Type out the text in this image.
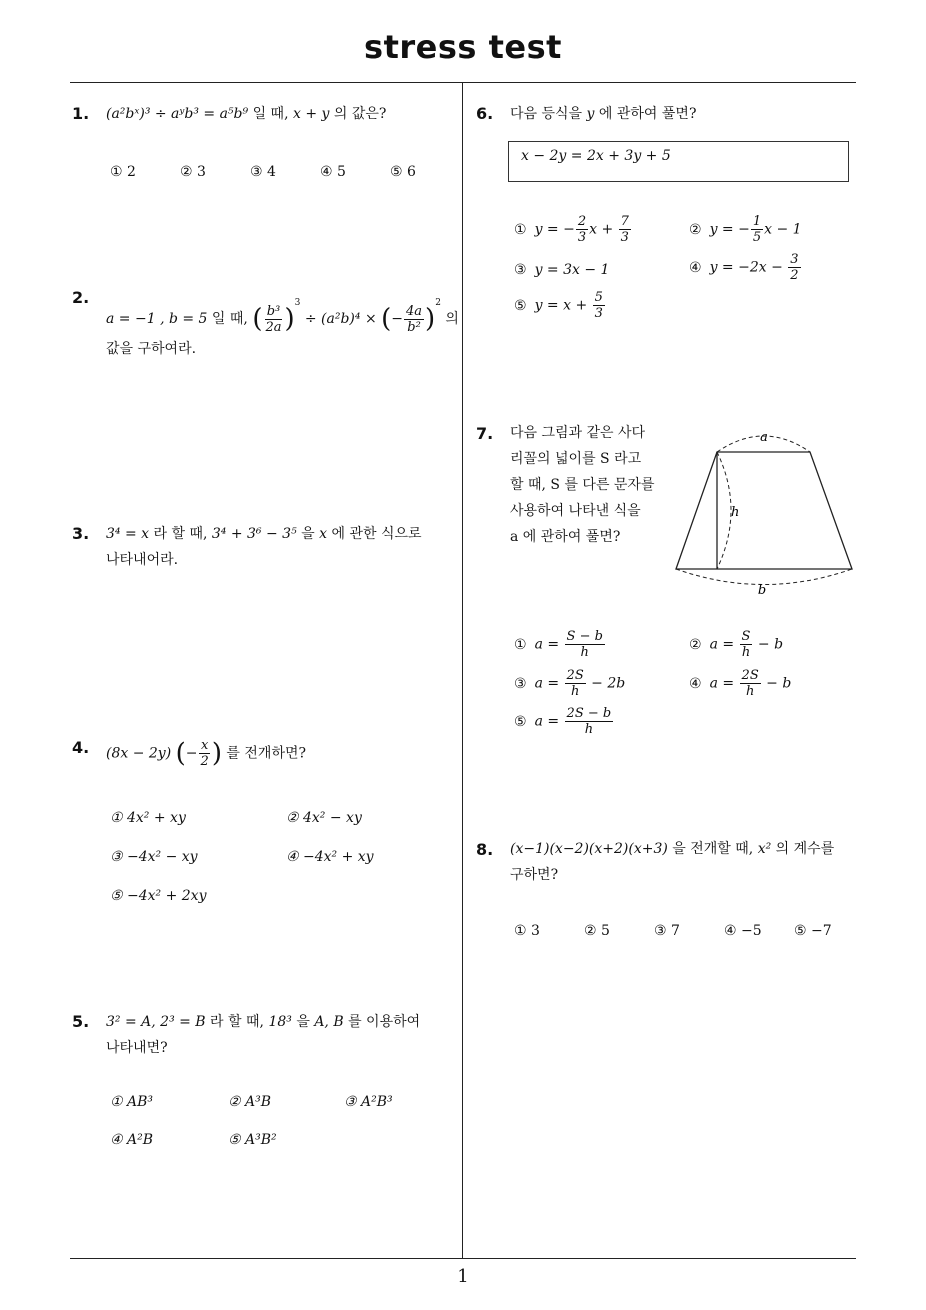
stress test
1
1. (a²bˣ)³ ÷ aʸb³ = a⁵b⁹ 일 때, x + y 의 값은?
① 2	② 3	③ 4	④ 5	⑤ 6
2.
a = −1 , b = 5 일 때, ( $\frac{\text{b³}}{2a} )^3 \div (a^2b)^4$ × (− $\frac{4a}{\text{b²}} )^2$ 의
값을 구하여라.
3. 3⁴ = x 라 할 때, 3⁴ + 3⁶ − 3⁵ 을 x 에 관한 식으로
나타내어라.
4. (8x − 2y) (− $\frac{x}{2}$ ) 를 전개하면?
① 4x² + xy	② 4x² − xy
③ −4x² − xy	④ −4x² + xy
⑤ −4x² + 2xy
5. 3² = A, 2³ = B 라 할 때, 18³ 을 A, B 를 이용하여
나타내면?
① AB³	② A³B	③ A²B³
④ A²B	⑤ A³B²
6. 다음 등식을 y 에 관하여 풀면?
x − 2y = 2x + 3y + 5
① y = − $\frac{2}{3}$ $x + \frac{7}{3}$	② y = − $\frac{1}{5}$ x − 1
③ y = 3x − 1	④ $y = -2x - \frac{3}{2}$
⑤ $y = x + \frac{5}{3}$
7. 다음 그림과 같은 사다
리꼴의 넓이를 S 라고
할 때, S 를 다른 문자를
사용하여 나타낸 식을
a 에 관하여 풀면?
a
h
b
① $a = \frac{S - b}{h}$	② $a = \frac{S}{h} - b$
③ $a = \frac{2S}{h} - 2b$	④ $a = \frac{2S}{h} - b$
⑤ $a = \frac{2S - b}{h}$
8. (x−1)(x−2)(x+2)(x+3) 을 전개할 때, x² 의 계수를
구하면?
① 3	② 5	③ 7	④ −5 ⑤ −7
